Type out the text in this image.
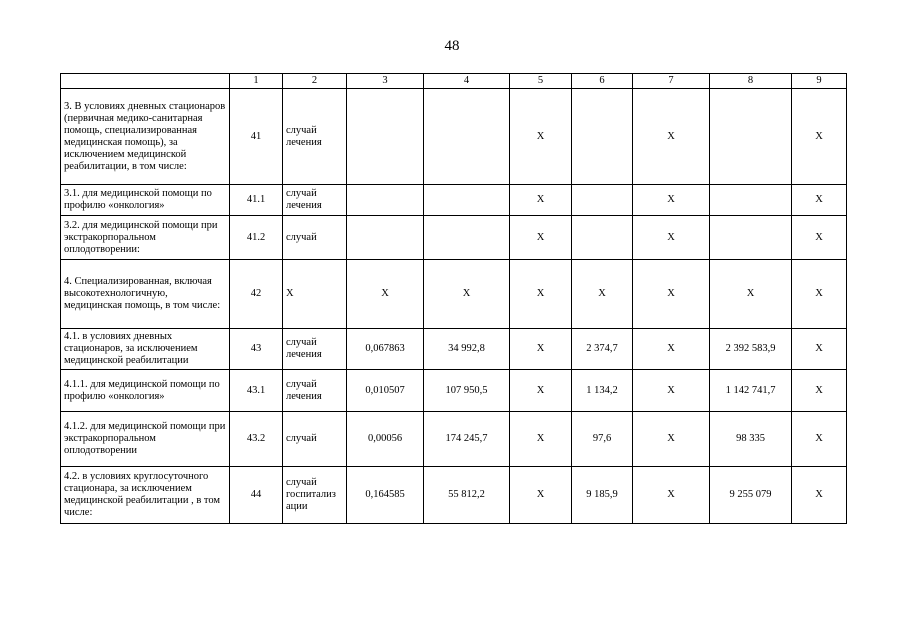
48
	1	2	3	4	5	6	7	8	9
3. В условиях дневных стационаров (первичная медико-санитарная помощь, специализированная медицинская помощь), за исключением медицинской реабилитации, в том числе:	41	случай лечения			X		X		X
3.1. для медицинской помощи по профилю «онкология»	41.1	случай лечения			X		X		X
3.2. для медицинской помощи при экстракорпоральном оплодотворении:	41.2	случай			X		X		X
4. Специализированная, включая высокотехнологичную, медицинская помощь, в том числе:	42	X	X	X	X	X	X	X	X
4.1. в условиях дневных стационаров, за исключением медицинской реабилитации	43	случай лечения	0,067863	34 992,8	X	2 374,7	X	2 392 583,9	X
4.1.1. для медицинской помощи по профилю «онкология»	43.1	случай лечения	0,010507	107 950,5	X	1 134,2	X	1 142 741,7	X
4.1.2. для медицинской помощи при экстракорпоральном оплодотворении	43.2	случай	0,00056	174 245,7	X	97,6	X	98 335	X
4.2. в условиях круглосуточного стационара, за исключением медицинской реабилитации , в том числе:	44	случай госпитализ ации	0,164585	55 812,2	X	9 185,9	X	9 255 079	X
